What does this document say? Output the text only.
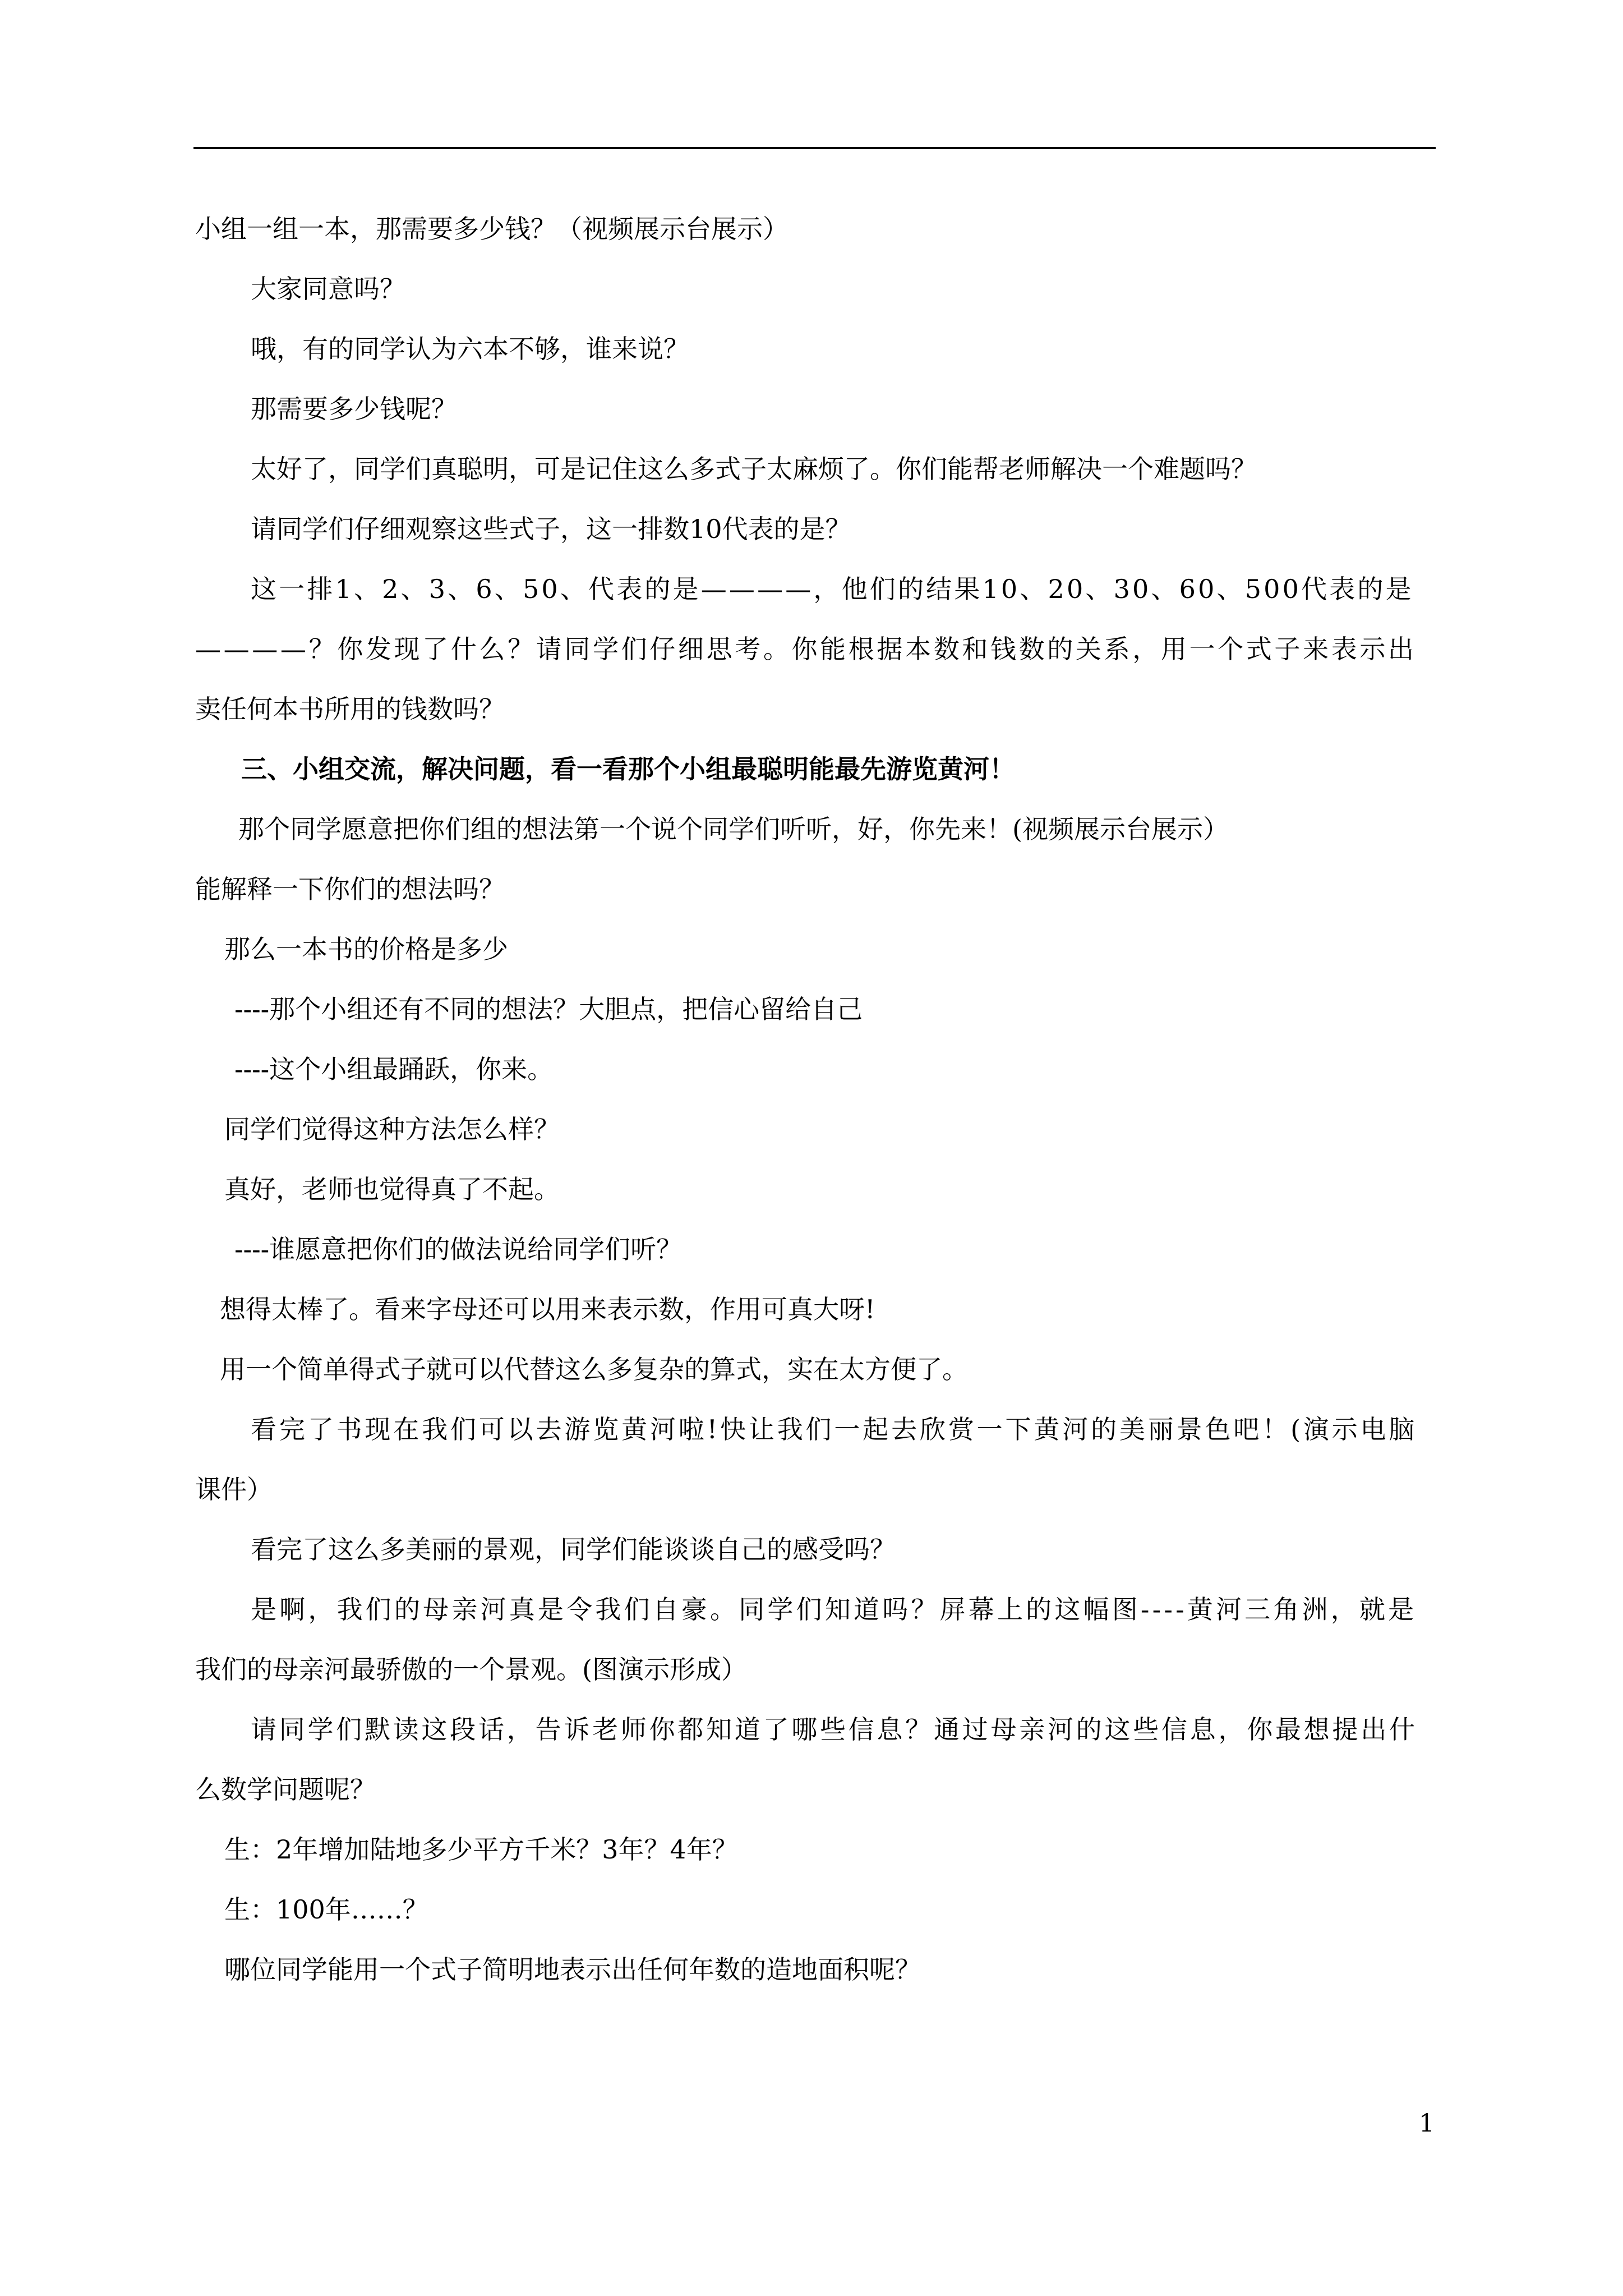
小组一组一本，那需要多少钱？（视频展示台展示）
大家同意吗？
哦，有的同学认为六本不够，谁来说？
那需要多少钱呢？
太好了，同学们真聪明，可是记住这么多式子太麻烦了。你们能帮老师解决一个难题吗？
请同学们仔细观察这些式子，这一排数10代表的是？
这一排1、2、3、6、50、代表的是————，他们的结果10、20、30、60、500代表的是
————？你发现了什么？请同学们仔细思考。你能根据本数和钱数的关系，用一个式子来表示出
卖任何本书所用的钱数吗？
三、小组交流，解决问题，看一看那个小组最聪明能最先游览黄河！
那个同学愿意把你们组的想法第一个说个同学们听听，好，你先来！(视频展示台展示）
能解释一下你们的想法吗？
那么一本书的价格是多少
----那个小组还有不同的想法？大胆点，把信心留给自己
----这个小组最踊跃，你来。
同学们觉得这种方法怎么样？
真好，老师也觉得真了不起。
----谁愿意把你们的做法说给同学们听？
想得太棒了。看来字母还可以用来表示数，作用可真大呀!
用一个简单得式子就可以代替这么多复杂的算式，实在太方便了。
看完了书现在我们可以去游览黄河啦!快让我们一起去欣赏一下黄河的美丽景色吧！(演示电脑
课件）
看完了这么多美丽的景观，同学们能谈谈自己的感受吗？
是啊，我们的母亲河真是令我们自豪。同学们知道吗？屏幕上的这幅图----黄河三角洲，就是
我们的母亲河最骄傲的一个景观。(图演示形成）
请同学们默读这段话，告诉老师你都知道了哪些信息？通过母亲河的这些信息，你最想提出什
么数学问题呢？
生：2年增加陆地多少平方千米？3年？4年？
生：100年……？
哪位同学能用一个式子简明地表示出任何年数的造地面积呢？
1
